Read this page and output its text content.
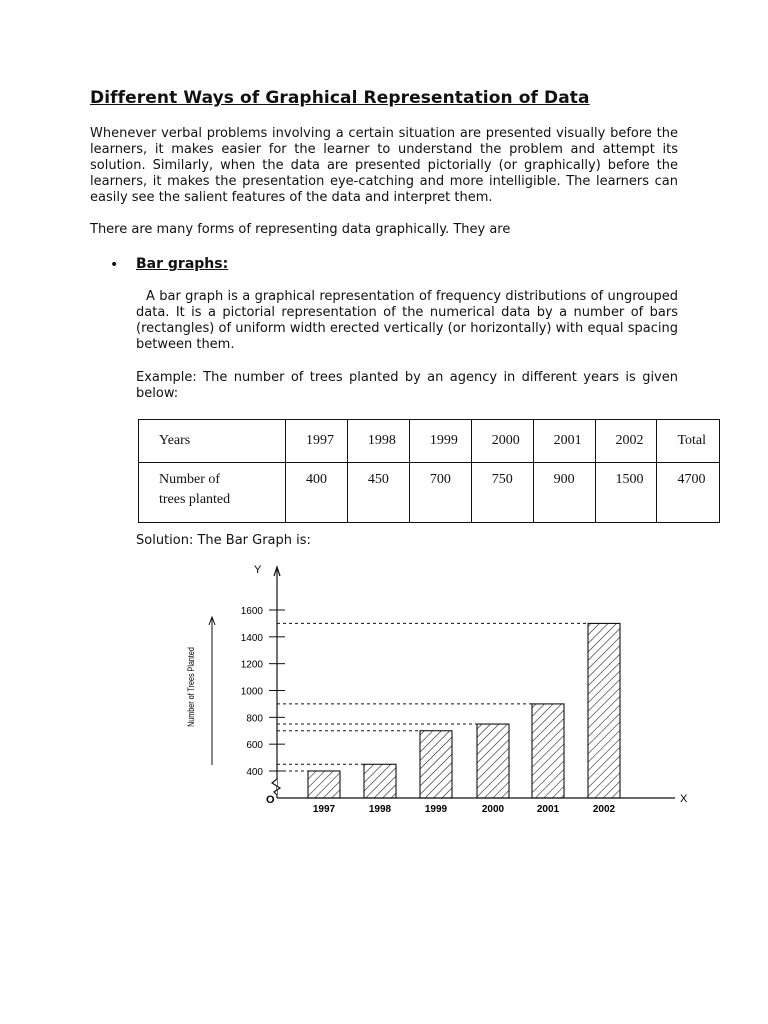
Different Ways of Graphical Representation of Data

Whenever verbal problems involving a certain situation are presented visually before the learners, it makes easier for the learner to understand the problem and attempt its solution. Similarly, when the data are presented pictorially (or graphically) before the learners, it makes the presentation eye-catching and more intelligible. The learners can easily see the salient features of the data and interpret them.

There are many forms of representing data graphically. They are

• Bar graphs:

A bar graph is a graphical representation of frequency distributions of ungrouped data. It is a pictorial representation of the numerical data by a number of bars (rectangles) of uniform width erected vertically (or horizontally) with equal spacing between them.

Example: The number of trees planted by an agency in different years is given below:

Years	1997	1998	1999	2000	2001	2002	Total

Number of
trees planted	400	450	700	750	900	1500	4700

Solution: The Bar Graph is:

Y
X
O
400
600
800
1000
1200
1400
1600
Number of Trees Planted
1997	1998	1999	2000	2001	2002
